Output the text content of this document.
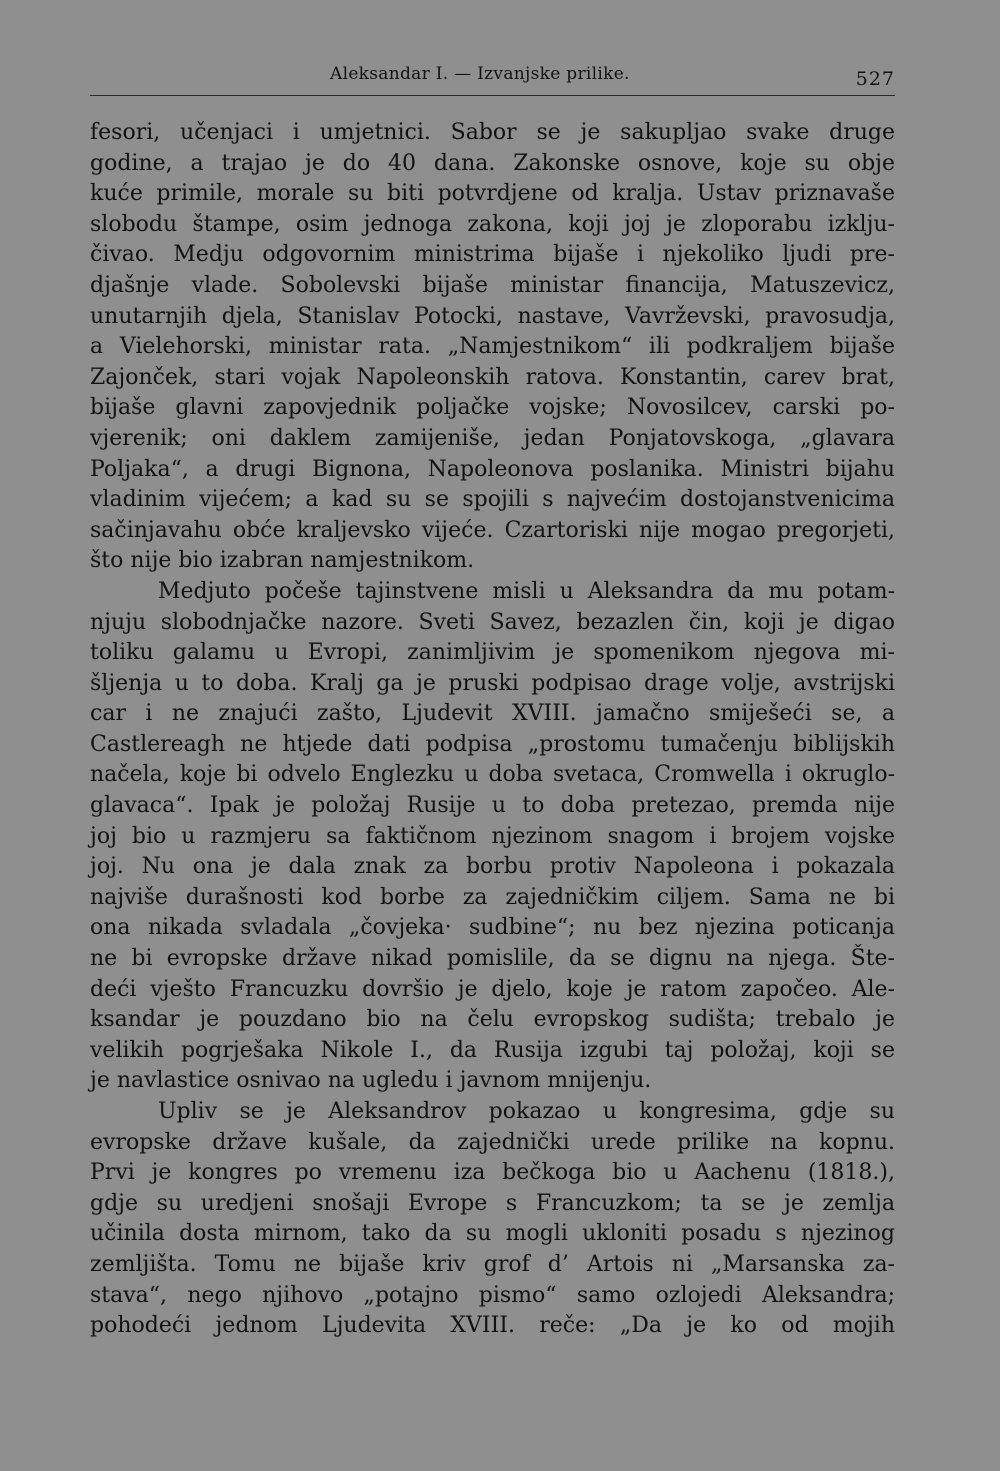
Aleksandar I. — Izvanjske prilike.	527
fesori, učenjaci i umjetnici. Sabor se je sakupljao svake druge
godine, a trajao je do 40 dana. Zakonske osnove, koje su obje
kuće primile, morale su biti potvrdjene od kralja. Ustav priznavaše
slobodu štampe, osim jednoga zakona, koji joj je zloporabu izklju-
čivao. Medju odgovornim ministrima bijaše i njekoliko ljudi pre-
djašnje vlade. Sobolevski bijaše ministar financija, Matuszevicz,
unutarnjih djela, Stanislav Potocki, nastave, Vavrževski, pravosudja,
a Vielehorski, ministar rata. „Namjestnikom“ ili podkraljem bijaše
Zajonček, stari vojak Napoleonskih ratova. Konstantin, carev brat,
bijaše glavni zapovjednik poljačke vojske; Novosilcev, carski po-
vjerenik; oni daklem zamijeniše, jedan Ponjatovskoga, „glavara
Poljaka“, a drugi Bignona, Napoleonova poslanika. Ministri bijahu
vladinim vijećem; a kad su se spojili s najvećim dostojanstvenicima
sačinjavahu obće kraljevsko vijeće. Czartoriski nije mogao pregorjeti,
što nije bio izabran namjestnikom.
Medjuto počeše tajinstvene misli u Aleksandra da mu potam-
njuju slobodnjačke nazore. Sveti Savez, bezazlen čin, koji je digao
toliku galamu u Evropi, zanimljivim je spomenikom njegova mi-
šljenja u to doba. Kralj ga je pruski podpisao drage volje, avstrijski
car i ne znajući zašto, Ljudevit XVIII. jamačno smiješeći se, a
Castlereagh ne htjede dati podpisa „prostomu tumačenju biblijskih
načela, koje bi odvelo Englezku u doba svetaca, Cromwella i okruglo-
glavaca“. Ipak je položaj Rusije u to doba pretezao, premda nije
joj bio u razmjeru sa faktičnom njezinom snagom i brojem vojske
joj. Nu ona je dala znak za borbu protiv Napoleona i pokazala
najviše durašnosti kod borbe za zajedničkim ciljem. Sama ne bi
ona nikada svladala „čovjeka· sudbine“; nu bez njezina poticanja
ne bi evropske države nikad pomislile, da se dignu na njega. Šte-
deći vješto Francuzku dovršio je djelo, koje je ratom započeo. Ale-
ksandar je pouzdano bio na čelu evropskog sudišta; trebalo je
velikih pogrješaka Nikole I., da Rusija izgubi taj položaj, koji se
je navlastice osnivao na ugledu i javnom mnijenju.
Upliv se je Aleksandrov pokazao u kongresima, gdje su
evropske države kušale, da zajednički urede prilike na kopnu.
Prvi je kongres po vremenu iza bečkoga bio u Aachenu (1818.),
gdje su uredjeni snošaji Evrope s Francuzkom; ta se je zemlja
učinila dosta mirnom, tako da su mogli ukloniti posadu s njezinog
zemljišta. Tomu ne bijaše kriv grof d’ Artois ni „Marsanska za-
stava“, nego njihovo „potajno pismo“ samo ozlojedi Aleksandra;
pohodeći jednom Ljudevita XVIII. reče: „Da je ko od mojih
